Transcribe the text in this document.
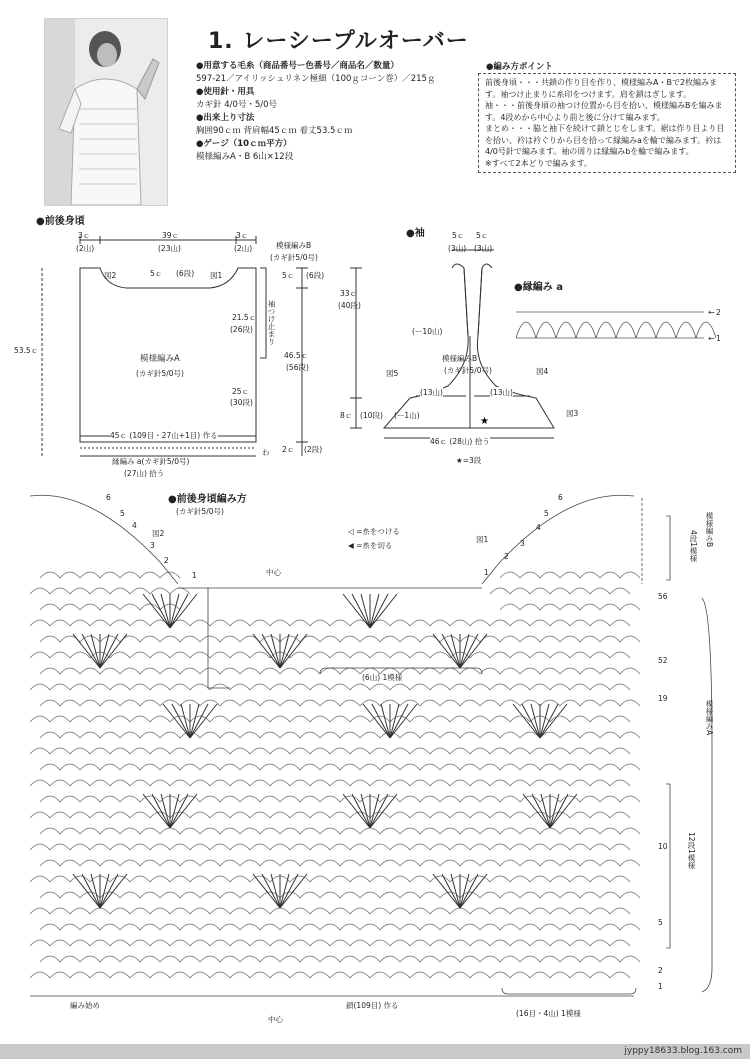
1. レーシープルオーバー
●用意する毛糸（商品番号ー色番号／商品名／数量）
597-21／アイリッシュリネン極細（100ｇコーン巻）／215ｇ
●使用針・用具
カギ針 4/0号・5/0号
●出来上り寸法
胸囲90ｃｍ 背肩幅45ｃｍ 着丈53.5ｃｍ
●ゲージ（10ｃｍ平方）
模様編みA・B 6山×12段
●編み方ポイント
前後身頃・・・共鎖の作り目を作り、模様編みA・Bで2枚編みます。袖つけ止まりに糸印をつけます。肩を鎖はぎします。
袖・・・前後身頃の袖つけ位置から目を拾い、模様編みBを編みます。4段めから中心より前と後に分けて編みます。
まとめ・・・脇と袖下を続けて鎖とじをします。裾は作り目より目を拾い、衿は衿ぐりから目を拾って縁編みaを輪で編みます。衿は4/0号針で編みます。袖の周りは縁編みbを輪で編みます。
※すべて2本どりで編みます。
●前後身頃
3ｃ
(2山)
39ｃ
(23山)
3ｃ
(2山)
図2	図1
5ｃ (6段)
模様編みB
(カギ針5/0号)
袖つけ止まり
模様編みA
(カギ針5/0号)
21.5ｃ
(26段)
25ｃ
(30段)
5ｃ (6段)
46.5ｃ
(56段)
2ｃ (2段)
53.5ｃ
45ｃ (109目・27山+1目) 作る
縁編み a(カギ針5/0号)
(27山) 拾う
わ
●袖
★
5ｃ
(3山)
5ｃ
(3山)
(ー10山)
模様編みB
(カギ針5/0号)
図5	図4
図3
33ｃ
(40段)
8ｃ (10段) (ー1山)
(13山)	(13山)
46ｃ (28山) 拾う
★=3段
●縁編み a
←
←
1
2
●前後身頃編み方
(カギ針5/0号)
◁ =糸をつける
◀ =糸を切る
図2
図1
中心
(6山) 1模様
4段1模様 模様編みB
模様編みA
12段1模様
編み始め	鎖(109目) 作る
(16目・4山) 1模様
中心
6
5
4
3
2
1
6
5
4
3
2
1
56
52
19
10
5
2
1
jyppy18633.blog.163.com
